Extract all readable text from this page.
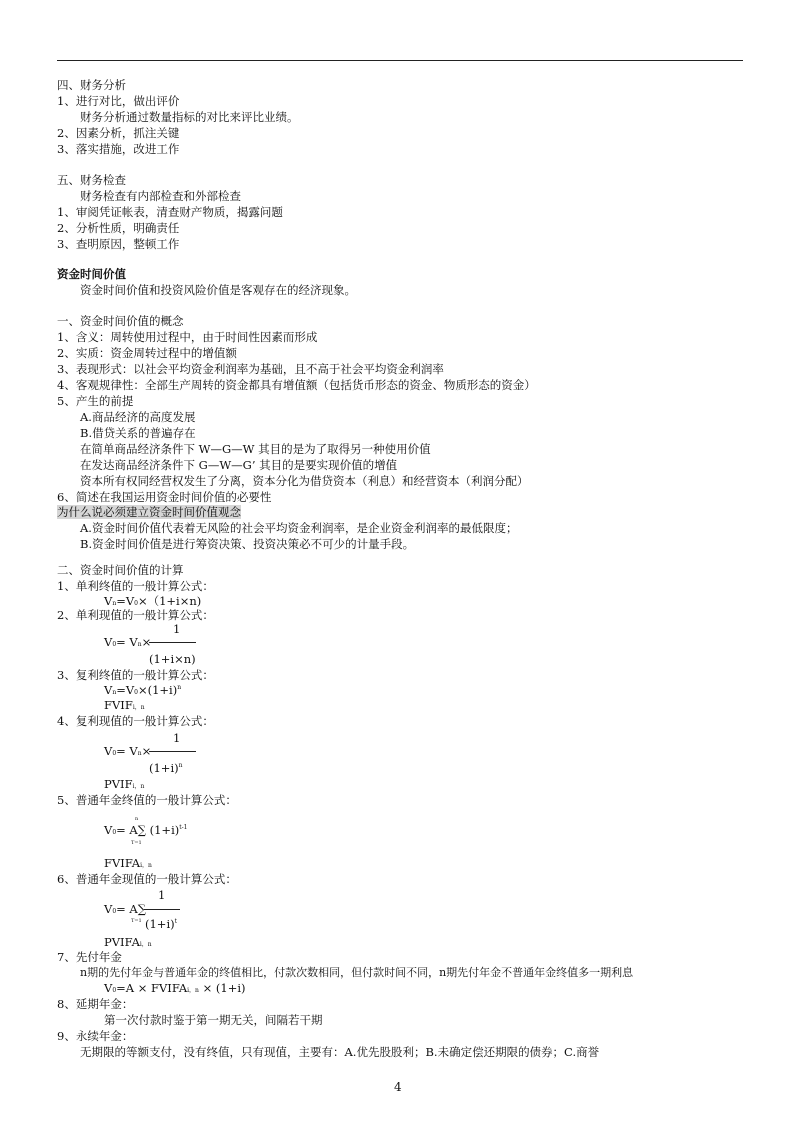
四、财务分析
1、进行对比，做出评价
财务分析通过数量指标的对比来评比业绩。
2、因素分析，抓注关键
3、落实措施，改进工作
五、财务检查
财务检查有内部检查和外部检查
1、审阅凭证帐表，清查财产物质，揭露问题
2、分析性质，明确责任
3、查明原因，整顿工作
资金时间价值
资金时间价值和投资风险价值是客观存在的经济现象。
一、资金时间价值的概念
1、含义：周转使用过程中，由于时间性因素而形成
2、实质：资金周转过程中的增值额
3、表现形式：以社会平均资金利润率为基础，且不高于社会平均资金利润率
4、客观规律性：全部生产周转的资金都具有增值额（包括货币形态的资金、物质形态的资金）
5、产生的前提
A.商品经济的高度发展
B.借贷关系的普遍存在
在简单商品经济条件下 W—G—W 其目的是为了取得另一种使用价值
在发达商品经济条件下 G—W—G’ 其目的是要实现价值的增值
资本所有权同经营权发生了分离，资本分化为借贷资本（利息）和经营资本（利润分配）
6、简述在我国运用资金时间价值的必要性
为什么说必须建立资金时间价值观念
A.资金时间价值代表着无风险的社会平均资金利润率，是企业资金利润率的最低限度；
B.资金时间价值是进行筹资决策、投资决策必不可少的计量手段。
二、资金时间价值的计算
1、单利终值的一般计算公式：
Vn=V0×（1+i×n)
2、单利现值的一般计算公式：
1
V0= Vn×
(1+i×n)
3、复利终值的一般计算公式：
$Vn=V0\times(1+i)^n$
FVIFi，n
4、复利现值的一般计算公式：
1
V0= Vn×
$(1+i)^n$
PVIFi，n
5、普通年金终值的一般计算公式：
n
V0= A∑ $(1+i)^{t-1}$
T=1
FVIFAi，n
6、普通年金现值的一般计算公式：
1
V0= A∑
T=1 $(1+i)^t$
PVIFAi，n
7、先付年金
n期的先付年金与普通年金的终值相比，付款次数相同，但付款时间不同，n期先付年金不普通年金终值多一期利息
V0=A × FVIFAi，n × (1+i)
8、延期年金：
第一次付款时鉴于第一期无关，间隔若干期
9、永续年金：
无期限的等额支付，没有终值，只有现值，主要有：A.优先股股利；B.未确定偿还期限的债券；C.商誉
4
